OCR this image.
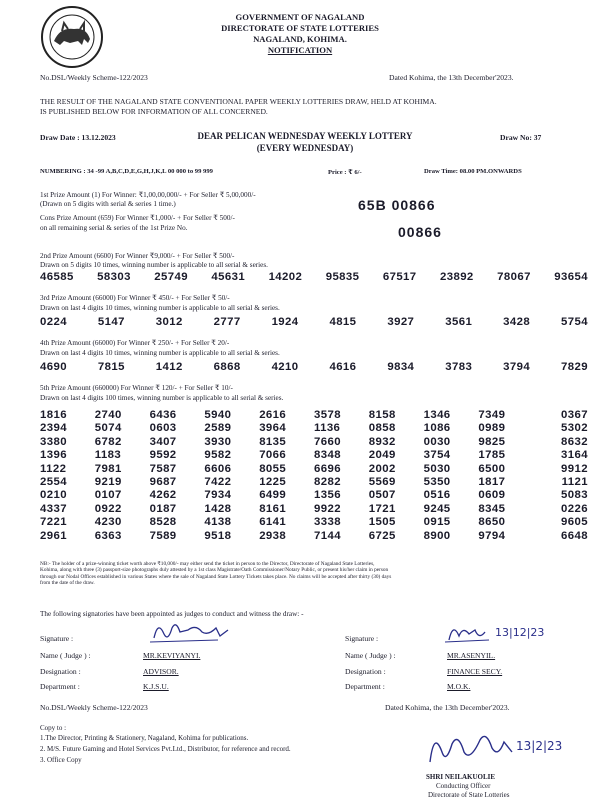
GOVERNMENT OF NAGALAND
DIRECTORATE OF STATE LOTTERIES
NAGALAND, KOHIMA.
NOTIFICATION
No.DSL/Weekly Scheme-122/2023	Dated Kohima, the 13th December'2023.
THE RESULT OF THE NAGALAND STATE CONVENTIONAL PAPER WEEKLY LOTTERIES DRAW, HELD AT KOHIMA.
IS PUBLISHED BELOW FOR INFORMATION OF ALL CONCERNED.
Draw Date : 13.12.2023	DEAR PELICAN WEDNESDAY WEEKLY LOTTERY
(EVERY WEDNESDAY)
Draw No: 37
NUMBERING : 34 -99 A,B,C,D,E,G,H,J,K,L 00 000 to 99 999	Price : ₹ 6/-	Draw Time: 08.00 PM.ONWARDS
1st Prize Amount (1) For Winner: ₹1,00,00,000/- + For Seller ₹ 5,00,000/-
(Drawn on 5 digits with serial & series 1 time.)
Cons Prize Amount (659) For Winner ₹1,000/- + For Seller ₹ 500/-
on all remaining serial & series of the 1st Prize No.
65B 00866
00866
2nd Prize Amount (6600) For Winner ₹9,000/- + For Seller ₹ 500/-
Drawn on 5 digits 10 times, winning number is applicable to all serial & series.
46585 58303 25749 45631 14202 95835 67517 23892 78067 93654
3rd Prize Amount (66000) For Winner ₹ 450/- + For Seller ₹ 50/-
Drawn on last 4 digits 10 times, winning number is applicable to all serial & series.
0224	5147	3012	2777	1924	4815	3927	3561	3428	5754
4th Prize Amount (66000) For Winner ₹ 250/- + For Seller ₹ 20/-
Drawn on last 4 digits 10 times, winning number is applicable to all serial & series.
4690	7815	1412	6868	4210	4616	9834	3783	3794	7829
5th Prize Amount (660000) For Winner ₹ 120/- + For Seller ₹ 10/-
Drawn on last 4 digits 100 times, winning number is applicable to all serial & series.
1816	2740	6436	5940	2616	3578	8158	1346	7349	0367
2394	5074	0603	2589	3964	1136	0858	1086	0989	5302
3380	6782	3407	3930	8135	7660	8932	0030	9825	8632
1396	1183	9592	9582	7066	8348	2049	3754	1785	3164
1122	7981	7587	6606	8055	6696	2002	5030	6500	9912
2554	9219	9687	7422	1225	8282	5569	5350	1817	1121
0210	0107	4262	7934	6499	1356	0507	0516	0609	5083
4337	0922	0187	1428	8161	9922	1721	9245	8345	0226
7221	4230	8528	4138	6141	3338	1505	0915	8650	9605
2961	6363	7589	9518	2938	7144	6725	8900	9794	6648
NB:- The holder of a prize-winning ticket worth above ₹10,000/- may either send the ticket in person to the Director, Directorate of Nagaland State Lotteries,
Kohima, along with three (3) passport-size photographs duly attested by a 1st class Magistrate/Oath Commissioner/Notary Public, or present his/her claim in person
through our Nodal Offices established in various States where the sale of Nagaland State Lottery Tickets takes place. No claims will be accepted after thirty (30) days
from the date of the draw.
The following signatories have been appointed as judges to conduct and witness the draw: -
Signature :
Name ( Judge ) :	MR.KEVIYANYI.
Designation :	ADVISOR.
Department :	K.J.S.U.
Signature :	13|12|23
Name ( Judge ) :	MR.ASENYIL.
Designation :	FINANCE SECY.
Department :	M.O.K.
No.DSL/Weekly Scheme-122/2023	Dated Kohima, the 13th December'2023.
Copy to :
1.The Director, Printing & Stationery, Nagaland, Kohima for publications.
2. M/S. Future Gaming and Hotel Services Pvt.Ltd., Distributor, for reference and record.
3. Office Copy
13|2|23
SHRI NEILAKUOLIE
Conducting Officer
Directorate of State Lotteries
